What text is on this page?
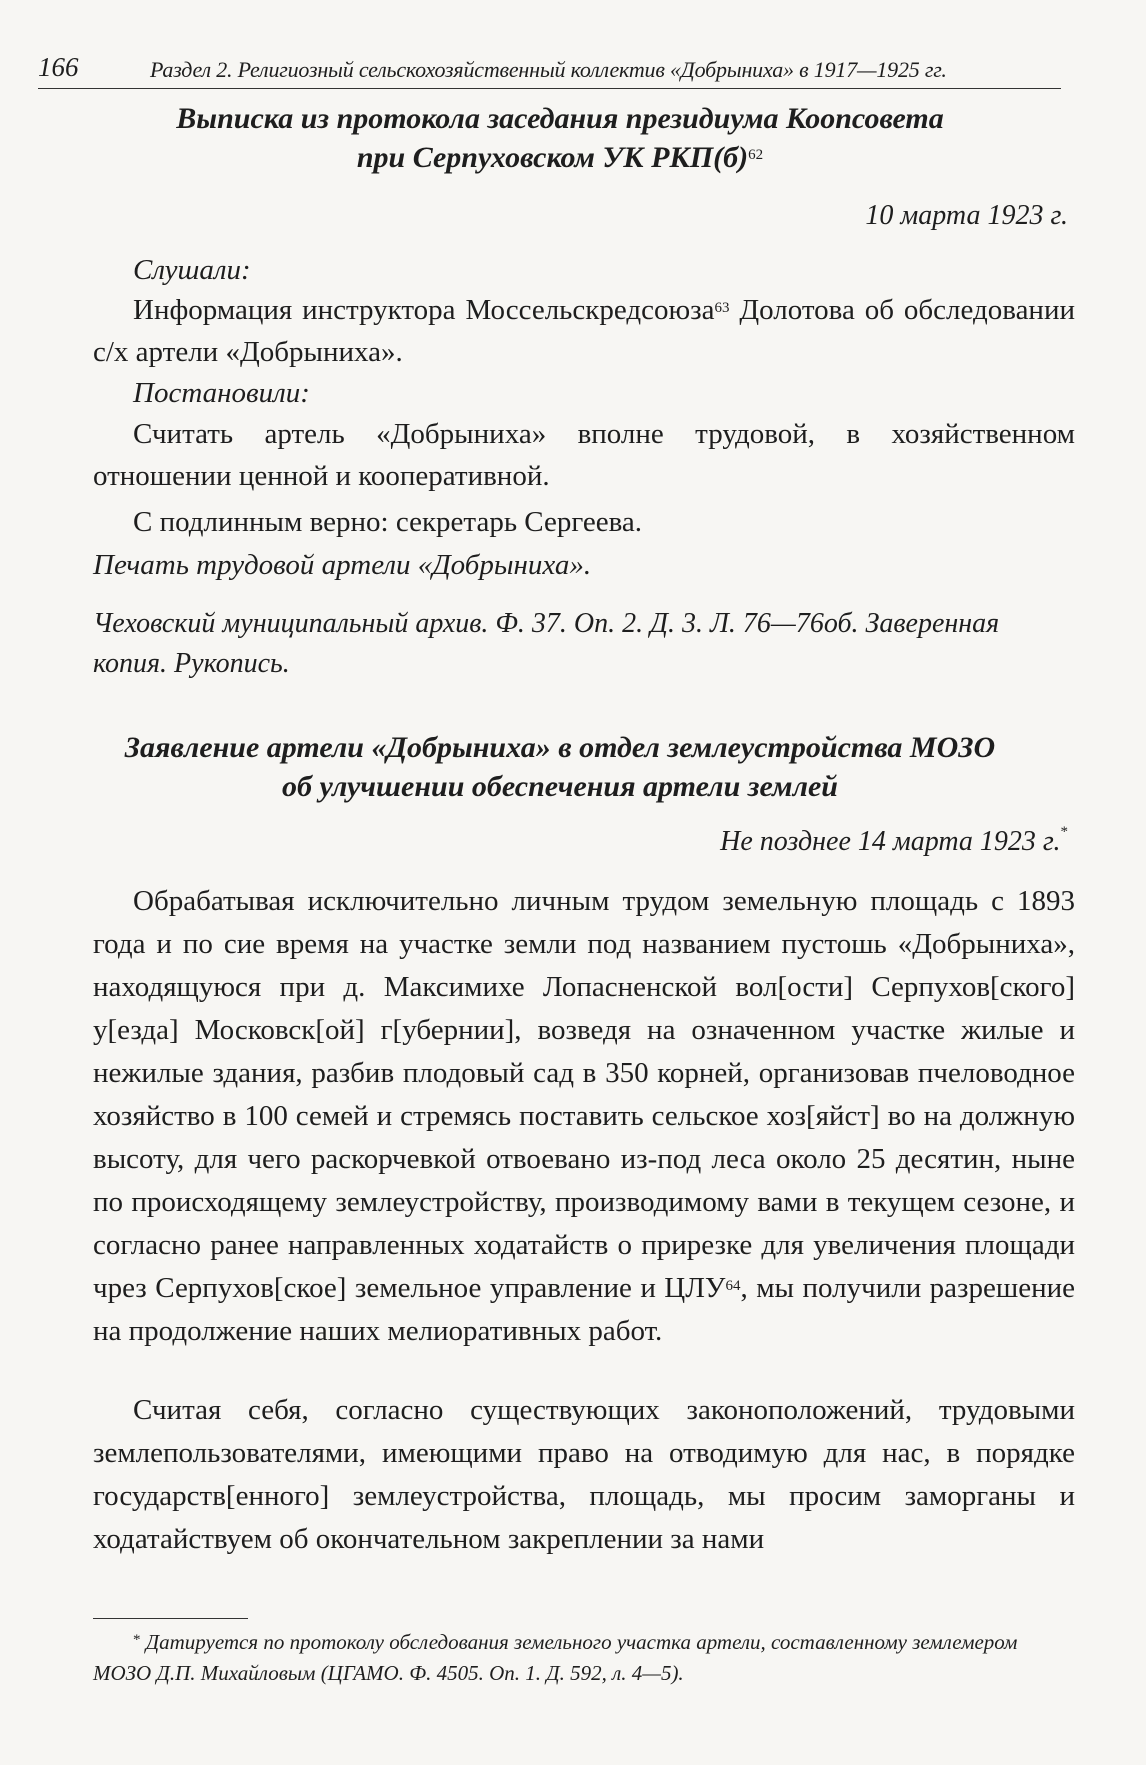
166	Раздел 2. Религиозный сельскохозяйственный коллектив «Добрыниха» в 1917—1925 гг.
Выписка из протокола заседания президиума Коопсовета
при Серпуховском УК $РКП(б)^{62}$
10 марта 1923 г.
Слушали:
Информация инструктора Моссельскредсоюза$^{63}$ Долотова об обследовании с/х артели «Добрыниха».
Постановили:
Считать артель «Добрыниха» вполне трудовой, в хозяйственном отношении ценной и кооперативной.
С подлинным верно: секретарь Сергеева.
Печать трудовой артели «Добрыниха».
Чеховский муниципальный архив. Ф. 37. Оп. 2. Д. 3. Л. 76—76об. Заверенная копия. Рукопись.
Заявление артели «Добрыниха» в отдел землеустройства МОЗО
об улучшении обеспечения артели землей
Не позднее 14 марта 1923 г.*
Обрабатывая исключительно личным трудом земельную площадь с 1893 года и по сие время на участке земли под названием пустошь «Добрыниха», находящуюся при д. Максимихе Лопасненской вол[ости] Серпухов[ского] у[езда] Московск[ой] г[убернии], возведя на означенном участке жилые и нежилые здания, разбив плодовый сад в 350 корней, организовав пчеловодное хозяйство в 100 семей и стремясь поставить сельское хоз[яйст] во на должную высоту, для чего раскорчевкой отвоевано из-под леса около 25 десятин, ныне по происходящему землеустройству, производимому вами в текущем сезоне, и согласно ранее направленных ходатайств о прирезке для увеличения площади чрез Серпухов[ское] земельное управление и ЦЛУ$^{64}$, мы получили разрешение на продолжение наших мелиоративных работ.
Считая себя, согласно существующих законоположений, трудовыми землепользователями, имеющими право на отводимую для нас, в порядке государств[енного] землеустройства, площадь, мы просим заморганы и ходатайствуем об окончательном закреплении за нами
* Датируется по протоколу обследования земельного участка артели, составленному землемером МОЗО Д.П. Михайловым (ЦГАМО. Ф. 4505. Оп. 1. Д. 592, л. 4—5).
